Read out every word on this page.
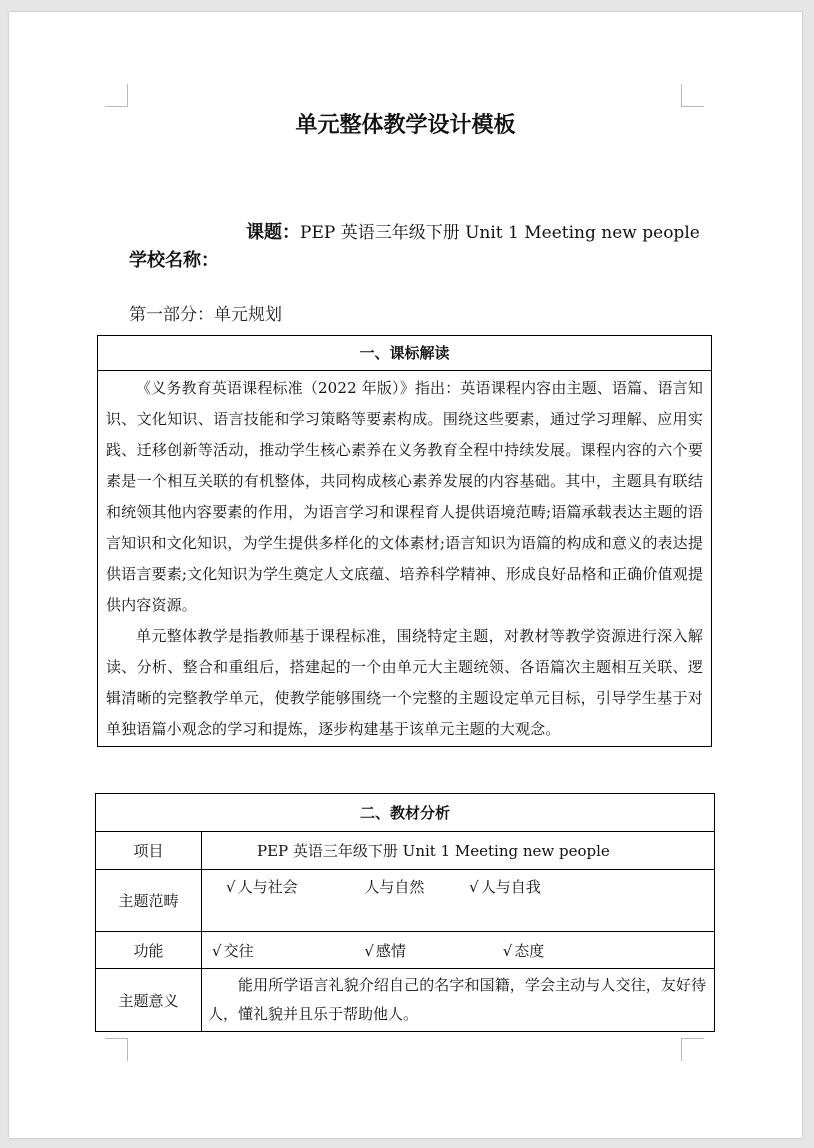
单元整体教学设计模板
课题：PEP 英语三年级下册 Unit 1 Meeting new people
学校名称：
第一部分：单元规划
一、课标解读

《义务教育英语课程标准（2022 年版）》指出：英语课程内容由主题、语篇、语言知识、文化知识、语言技能和学习策略等要素构成。围绕这些要素，通过学习理解、应用实践、迁移创新等活动，推动学生核心素养在义务教育全程中持续发展。课程内容的六个要素是一个相互关联的有机整体，共同构成核心素养发展的内容基础。其中，主题具有联结和统领其他内容要素的作用，为语言学习和课程育人提供语境范畴;语篇承载表达主题的语言知识和文化知识，为学生提供多样化的文体素材;语言知识为语篇的构成和意义的表达提供语言要素;文化知识为学生奠定人文底蕴、培养科学精神、形成良好品格和正确价值观提供内容资源。

单元整体教学是指教师基于课程标准，围绕特定主题，对教材等教学资源进行深入解读、分析、整合和重组后，搭建起的一个由单元大主题统领、各语篇次主题相互关联、逻辑清晰的完整教学单元，使教学能够围绕一个完整的主题设定单元目标，引导学生基于对单独语篇小观念的学习和提炼，逐步构建基于该单元主题的大观念。

二、教材分析	
项目	PEP 英语三年级下册 Unit 1 Meeting new people
主题范畴	√ 人与社会 人与自然 √ 人与自我
功能	√ 交往 √ 感情 √ 态度
主题意义	能用所学语言礼貌介绍自己的名字和国籍，学会主动与人交往，友好待人，懂礼貌并且乐于帮助他人。
